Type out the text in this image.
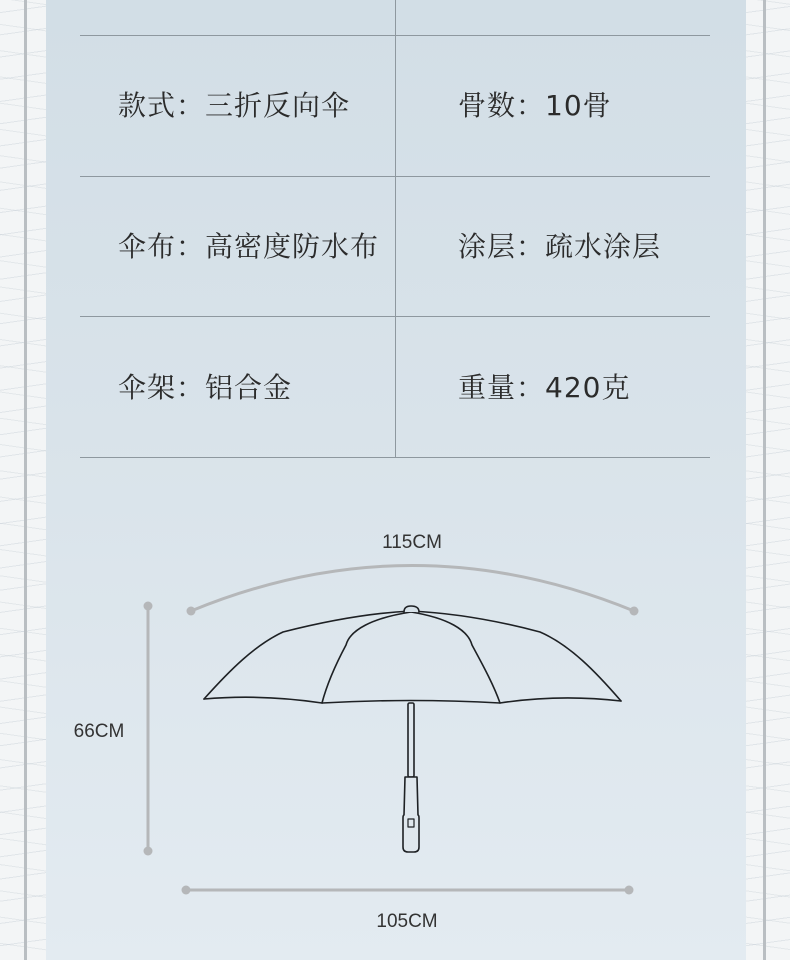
款式：三折反向伞	骨数：10骨
伞布：高密度防水布	涂层：疏水涂层
伞架：铝合金	重量：420克
115CM
66CM
105CM
